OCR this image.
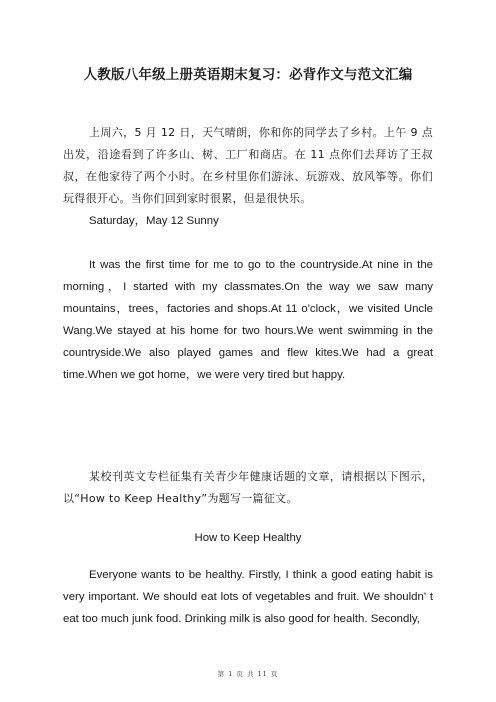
人教版八年级上册英语期末复习：必背作文与范文汇编
上周六，5 月 12 日，天气晴朗，你和你的同学去了乡村。上午 9 点出发，沿途看到了许多山、树、工厂和商店。在 11 点你们去拜访了王叔叔，在他家待了两个小时。在乡村里你们游泳、玩游戏、放风筝等。你们玩得很开心。当你们回到家时很累，但是很快乐。
Saturday，May 12 Sunny
It was the first time for me to go to the countryside.At nine in the morning，I started with my classmates.On the way we saw many mountains，trees，factories and shops.At 11 o'clock，we visited Uncle Wang.We stayed at his home for two hours.We went swimming in the countryside.We also played games and flew kites.We had a great time.When we got home，we were very tired but happy.
某校刊英文专栏征集有关青少年健康话题的文章，请根据以下图示，以“How to Keep Healthy”为题写一篇征文。
How to Keep Healthy
Everyone wants to be healthy. Firstly, I think a good eating habit is very important. We should eat lots of vegetables and fruit. We shouldn' t eat too much junk food. Drinking milk is also good for health. Secondly,
第 1 页 共 11 页
